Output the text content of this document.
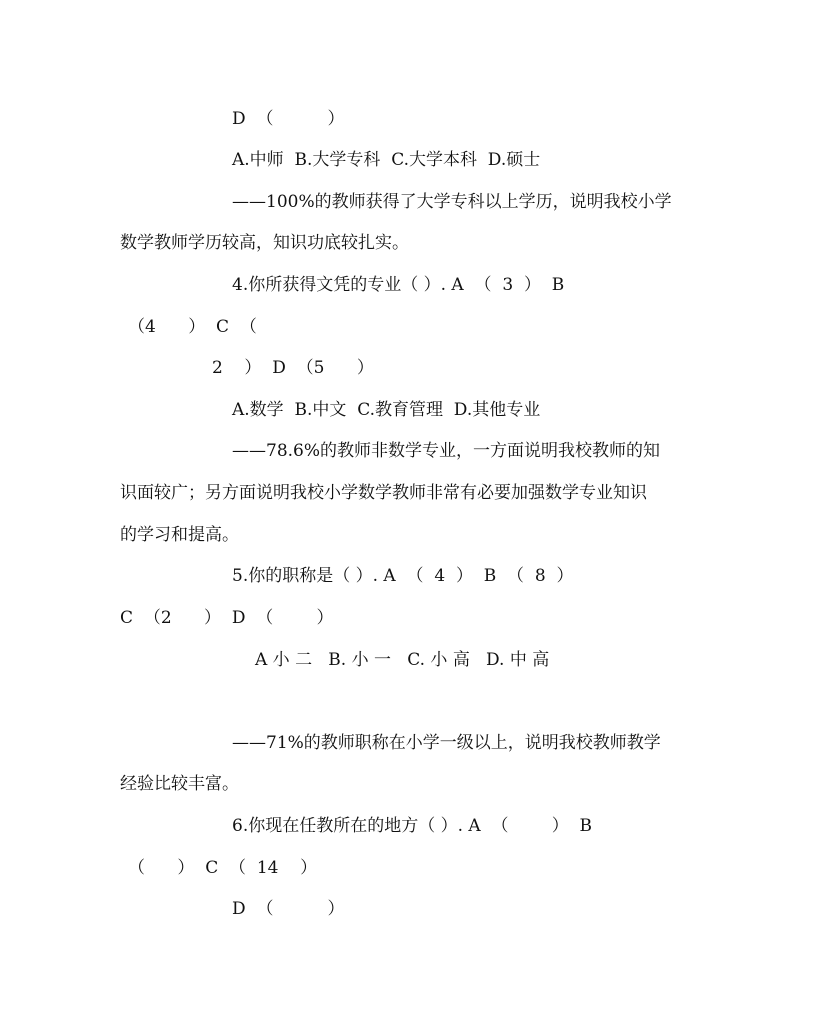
D  （          ）
A.中师  B.大学专科  C.大学本科  D.硕士
——100%的教师获得了大学专科以上学历，说明我校小学
数学教师学历较高，知识功底较扎实。
4.你所获得文凭的专业（ ）. A  （  3  ）  B
（4      ）  C  （
2    ）  D  （5      ）
A.数学  B.中文  C.教育管理  D.其他专业
——78.6%的教师非数学专业，一方面说明我校教师的知
识面较广；另方面说明我校小学数学教师非常有必要加强数学专业知识
的学习和提高。
5.你的职称是（ ）. A  （  4  ）  B  （  8  ）
C  （2      ）  D  （        ）
A 小 二   B. 小 一   C. 小 高   D. 中 高
——71%的教师职称在小学一级以上，说明我校教师教学
经验比较丰富。
6.你现在任教所在的地方（ ）. A  （        ）  B
（      ）  C  （  14    ）
D  （          ）
